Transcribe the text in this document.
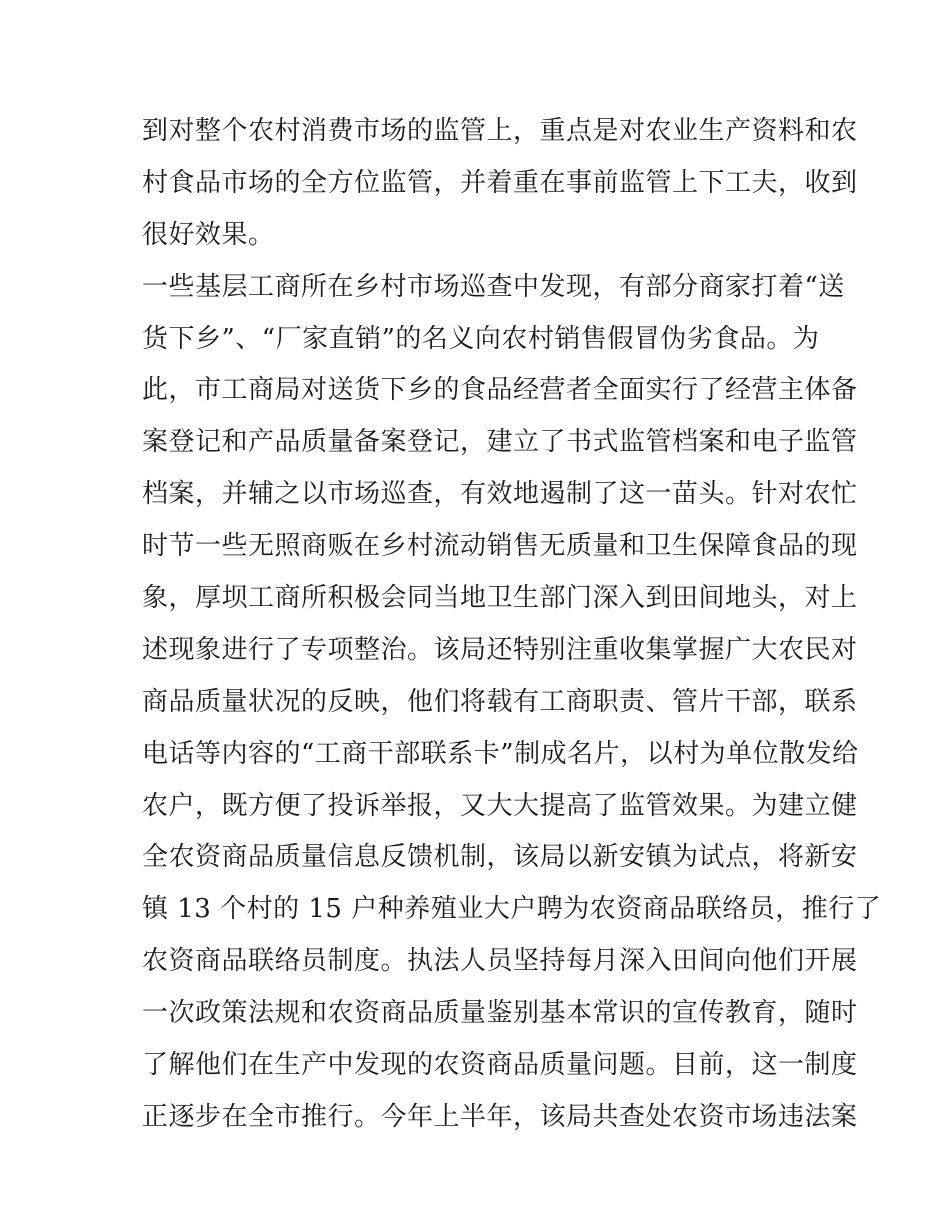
到对整个农村消费市场的监管上，重点是对农业生产资料和农
村食品市场的全方位监管，并着重在事前监管上下工夫，收到
很好效果。
一些基层工商所在乡村市场巡查中发现，有部分商家打着“送
货下乡”、“厂家直销”的名义向农村销售假冒伪劣食品。为
此，市工商局对送货下乡的食品经营者全面实行了经营主体备
案登记和产品质量备案登记，建立了书式监管档案和电子监管
档案，并辅之以市场巡查，有效地遏制了这一苗头。针对农忙
时节一些无照商贩在乡村流动销售无质量和卫生保障食品的现
象，厚坝工商所积极会同当地卫生部门深入到田间地头，对上
述现象进行了专项整治。该局还特别注重收集掌握广大农民对
商品质量状况的反映，他们将载有工商职责、管片干部，联系
电话等内容的“工商干部联系卡”制成名片，以村为单位散发给
农户，既方便了投诉举报，又大大提高了监管效果。为建立健
全农资商品质量信息反馈机制，该局以新安镇为试点，将新安
镇 13 个村的 15 户种养殖业大户聘为农资商品联络员，推行了
农资商品联络员制度。执法人员坚持每月深入田间向他们开展
一次政策法规和农资商品质量鉴别基本常识的宣传教育，随时
了解他们在生产中发现的农资商品质量问题。目前，这一制度
正逐步在全市推行。今年上半年，该局共查处农资市场违法案
